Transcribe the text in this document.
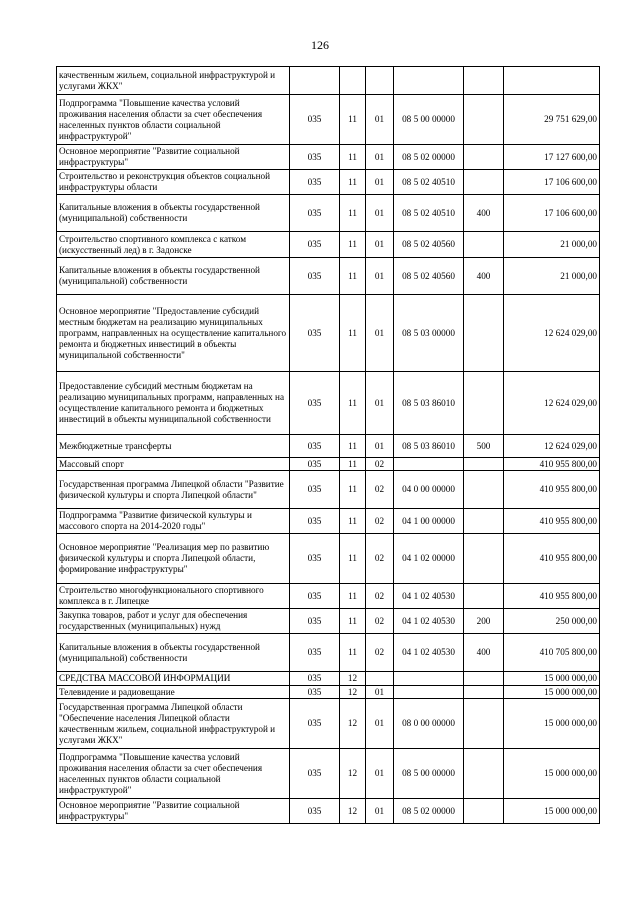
126
качественным жильем, социальной инфраструктурой и услугами ЖКХ"						
Подпрограмма "Повышение качества условий проживания населения области за счет обеспечения населенных пунктов области социальной инфраструктурой"	035	11	01	08 5 00 00000		29 751 629,00
Основное мероприятие "Развитие социальной инфраструктуры"	035	11	01	08 5 02 00000		17 127 600,00
Строительство и реконструкция объектов социальной инфраструктуры области	035	11	01	08 5 02 40510		17 106 600,00
Капитальные вложения в объекты государственной (муниципальной) собственности	035	11	01	08 5 02 40510	400	17 106 600,00
Строительство спортивного комплекса с катком (искусственный лед) в г. Задонске	035	11	01	08 5 02 40560		21 000,00
Капитальные вложения в объекты государственной (муниципальной) собственности	035	11	01	08 5 02 40560	400	21 000,00
Основное мероприятие "Предоставление субсидий местным бюджетам на реализацию муниципальных программ, направленных на осуществление капитального ремонта и бюджетных инвестиций в объекты муниципальной собственности"	035	11	01	08 5 03 00000		12 624 029,00
Предоставление субсидий местным бюджетам на реализацию муниципальных программ, направленных на осуществление капитального ремонта и бюджетных инвестиций в объекты муниципальной собственности	035	11	01	08 5 03 86010		12 624 029,00
Межбюджетные трансферты	035	11	01	08 5 03 86010	500	12 624 029,00
Массовый спорт	035	11	02			410 955 800,00
Государственная программа Липецкой области "Развитие физической культуры и спорта Липецкой области"	035	11	02	04 0 00 00000		410 955 800,00
Подпрограмма "Развитие физической культуры и массового спорта на 2014-2020 годы"	035	11	02	04 1 00 00000		410 955 800,00
Основное мероприятие "Реализация мер по развитию физической культуры и спорта Липецкой области, формирование инфраструктуры"	035	11	02	04 1 02 00000		410 955 800,00
Строительство многофункционального спортивного комплекса в г. Липецке	035	11	02	04 1 02 40530		410 955 800,00
Закупка товаров, работ и услуг для обеспечения государственных (муниципальных) нужд	035	11	02	04 1 02 40530	200	250 000,00
Капитальные вложения в объекты государственной (муниципальной) собственности	035	11	02	04 1 02 40530	400	410 705 800,00
СРЕДСТВА МАССОВОЙ ИНФОРМАЦИИ	035	12				15 000 000,00
Телевидение и радиовещание	035	12	01			15 000 000,00
Государственная программа Липецкой области "Обеспечение населения Липецкой области качественным жильем, социальной инфраструктурой и услугами ЖКХ"	035	12	01	08 0 00 00000		15 000 000,00
Подпрограмма "Повышение качества условий проживания населения области за счет обеспечения населенных пунктов области социальной инфраструктурой"	035	12	01	08 5 00 00000		15 000 000,00
Основное мероприятие "Развитие социальной инфраструктуры"	035	12	01	08 5 02 00000		15 000 000,00
